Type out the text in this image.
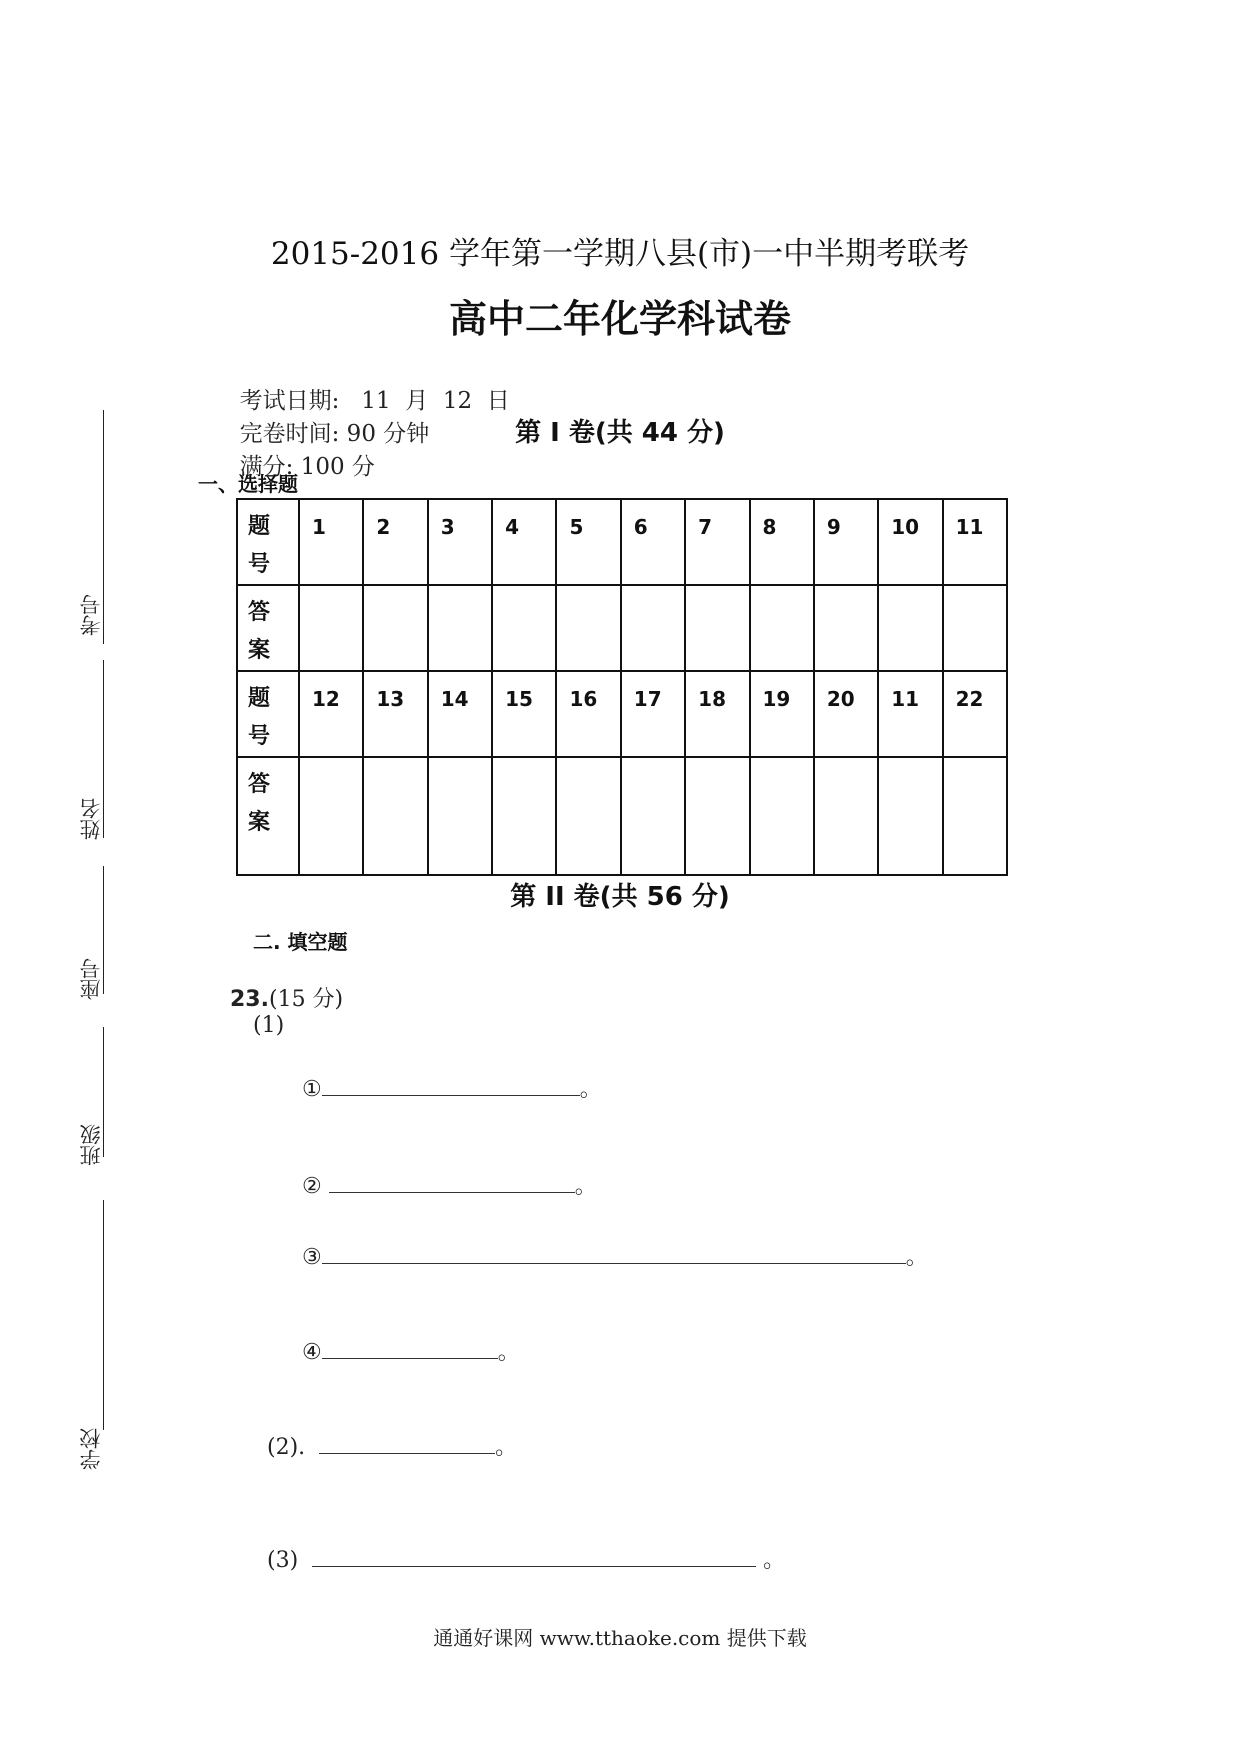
2015-2016 学年第一学期八县(市)一中半期考联考
高中二年化学科试卷

考试日期:   11  月  12  日
完卷时间: 90 分钟
满分: 100 分

第 I 卷(共 44 分)
一、选择题
题
号	1	2	3	4	5	6	7	8	9	10	11
答
案											
题
号	12	13	14	15	16	17	18	19	20	11	22
答
案											
第 II 卷(共 56 分)
二. 填空题
23.(15 分)
(1)

①	。

②	。

③	。

④	。

(2).	。

(3)	。

考号
姓名
座号
班级
学校
通通好课网 www.tthaoke.com 提供下载
